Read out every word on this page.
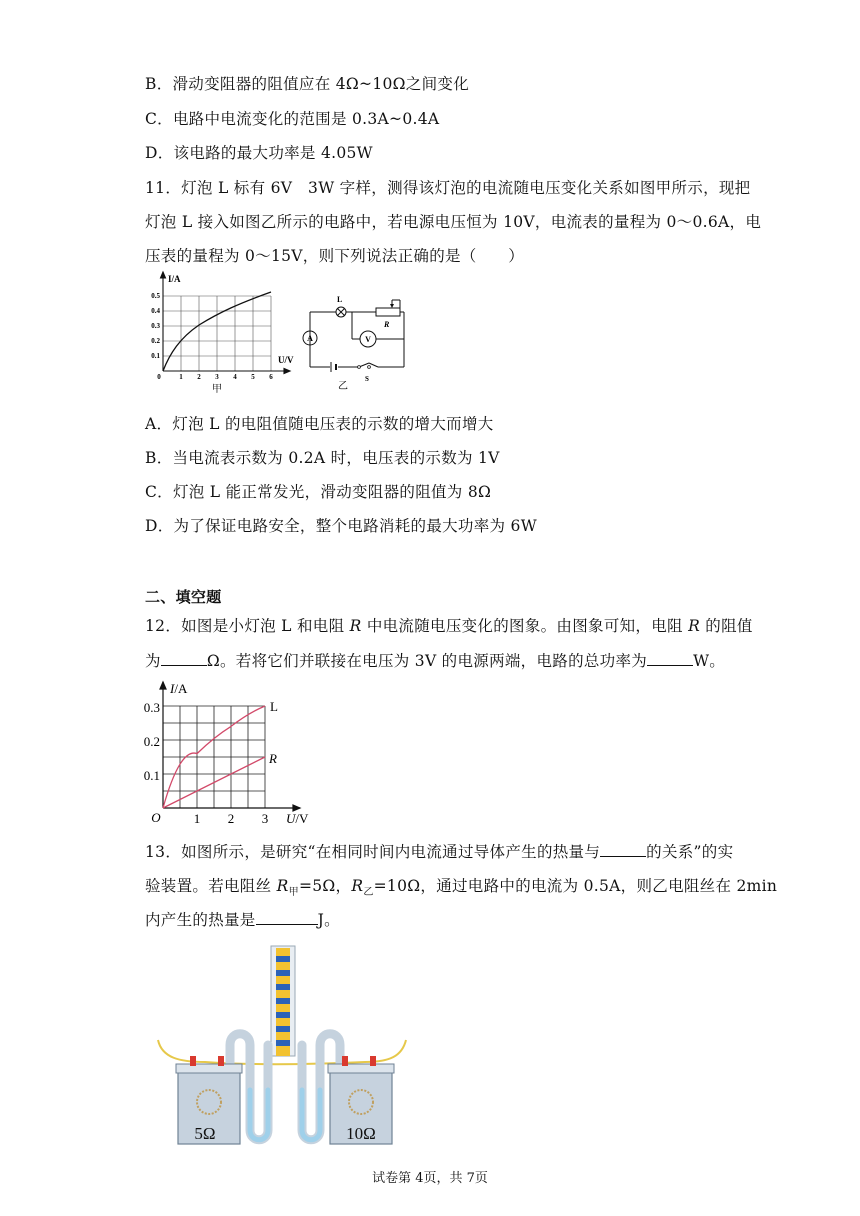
B．滑动变阻器的阻值应在 4Ω~10Ω之间变化
C．电路中电流变化的范围是 0.3A~0.4A
D．该电路的最大功率是 4.05W
11．灯泡 L 标有 6V　3W 字样，测得该灯泡的电流随电压变化关系如图甲所示，现把
灯泡 L 接入如图乙所示的电路中，若电源电压恒为 10V，电流表的量程为 0～0.6A，电
压表的量程为 0～15V，则下列说法正确的是（　　）
I/A
U/V
0.5
0.4
0.3
0.2
0.1
0	1 2 3 4 5 6
甲
L
R
A	V
S
乙
A．灯泡 L 的电阻值随电压表的示数的增大而增大
B．当电流表示数为 0.2A 时，电压表的示数为 1V
C．灯泡 L 能正常发光，滑动变阻器的阻值为 8Ω
D．为了保证电路安全，整个电路消耗的最大功率为 6W
二、填空题
12．如图是小灯泡 L 和电阻 R 中电流随电压变化的图象。由图象可知，电阻 R 的阻值
为	Ω。若将它们并联接在电压为 3V 的电源两端，电路的总功率为	W。
I/A
U/V
O
0.3
0.2
0.1
1 2 3
L
R
13．如图所示，是研究“在相同时间内电流通过导体产生的热量与	的关系”的实
验装置。若电阻丝 $R_甲=5\Omega$，$R_乙=10\Omega$，通过电路中的电流为 0.5A，则乙电阻丝在 2min
内产生的热量是	J。
5Ω	10Ω
试卷第 4页，共 7页
